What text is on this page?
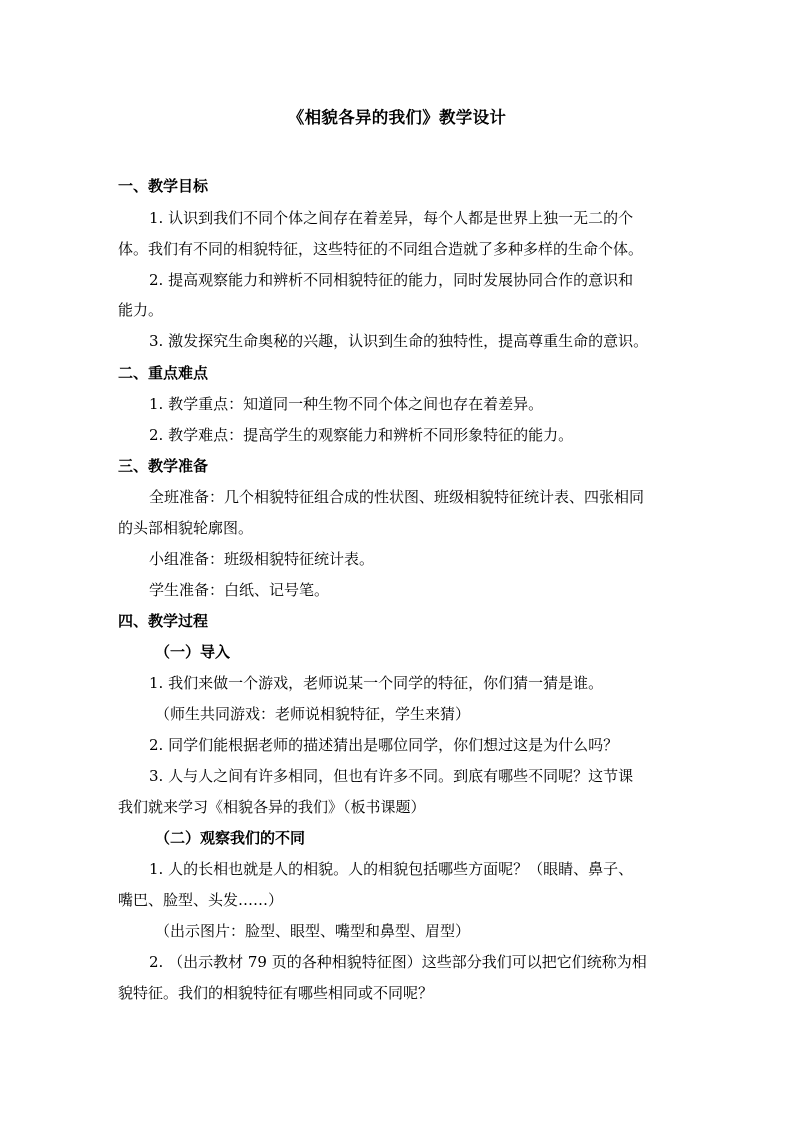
《相貌各异的我们》教学设计
一、教学目标
1. 认识到我们不同个体之间存在着差异，每个人都是世界上独一无二的个
体。我们有不同的相貌特征，这些特征的不同组合造就了多种多样的生命个体。
2. 提高观察能力和辨析不同相貌特征的能力，同时发展协同合作的意识和
能力。
3. 激发探究生命奥秘的兴趣，认识到生命的独特性，提高尊重生命的意识。
二、重点难点
1. 教学重点：知道同一种生物不同个体之间也存在着差异。
2. 教学难点：提高学生的观察能力和辨析不同形象特征的能力。
三、教学准备
全班准备：几个相貌特征组合成的性状图、班级相貌特征统计表、四张相同
的头部相貌轮廓图。
小组准备：班级相貌特征统计表。
学生准备：白纸、记号笔。
四、教学过程
（一）导入
1. 我们来做一个游戏，老师说某一个同学的特征，你们猜一猜是谁。
（师生共同游戏：老师说相貌特征，学生来猜）
2. 同学们能根据老师的描述猜出是哪位同学，你们想过这是为什么吗？
3. 人与人之间有许多相同，但也有许多不同。到底有哪些不同呢？这节课
我们就来学习《相貌各异的我们》（板书课题）
（二）观察我们的不同
1. 人的长相也就是人的相貌。人的相貌包括哪些方面呢？（眼睛、鼻子、
嘴巴、脸型、头发……）
（出示图片：脸型、眼型、嘴型和鼻型、眉型）
2. （出示教材 79 页的各种相貌特征图）这些部分我们可以把它们统称为相
貌特征。我们的相貌特征有哪些相同或不同呢？
